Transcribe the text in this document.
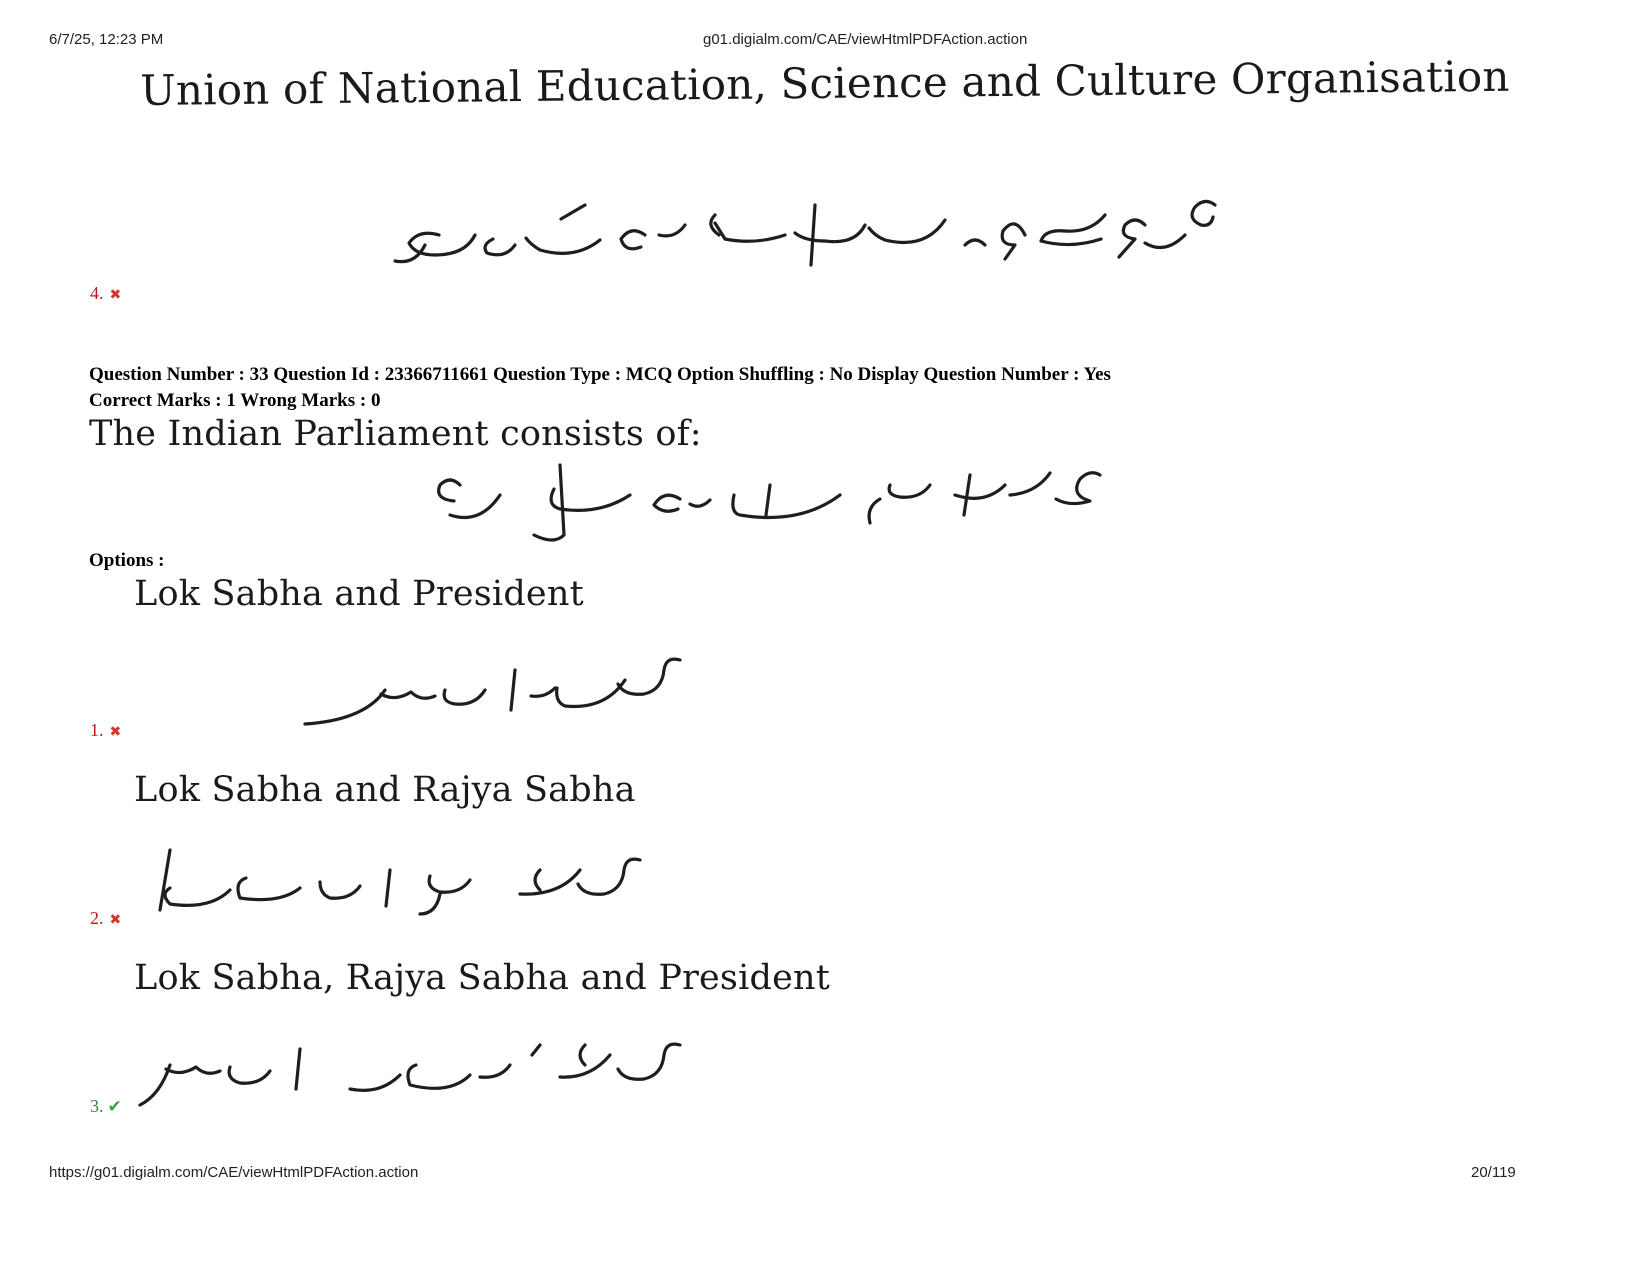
6/7/25, 12:23 PM	g01.digialm.com/CAE/viewHtmlPDFAction.action
Union of National Education, Science and Culture Organisation
4. ✖
Question Number : 33 Question Id : 23366711661 Question Type : MCQ Option Shuffling : No Display Question Number : Yes
Correct Marks : 1 Wrong Marks : 0
The Indian Parliament consists of:
Options :
Lok Sabha and President
1. ✖
Lok Sabha and Rajya Sabha
2. ✖
Lok Sabha, Rajya Sabha and President
3. ✔
https://g01.digialm.com/CAE/viewHtmlPDFAction.action	20/119
